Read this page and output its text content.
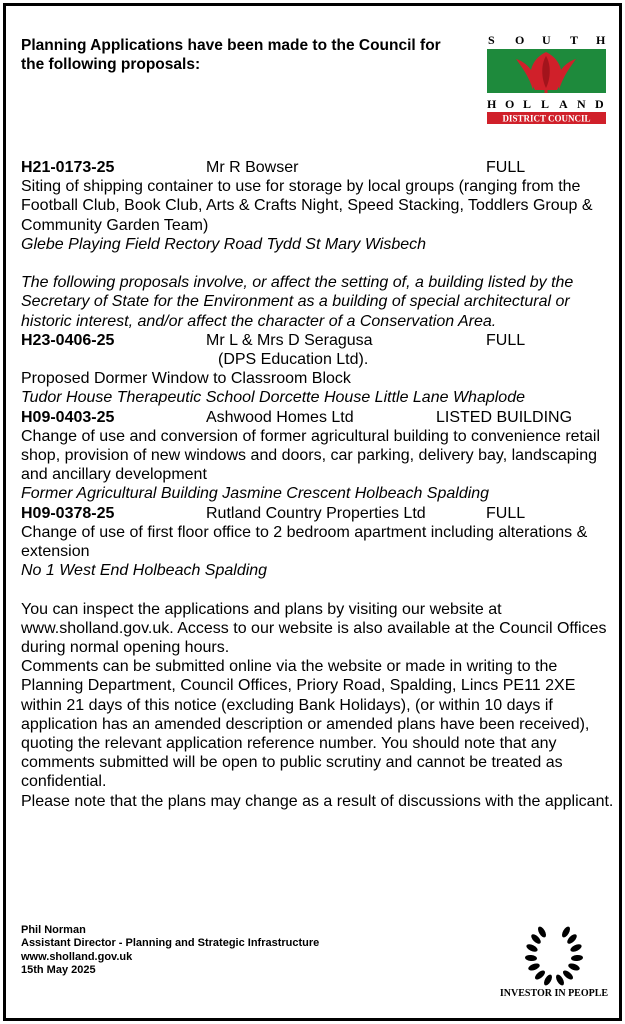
Planning Applications have been made to the Council for the following proposals:
S O U T H
H O L L A N D
DISTRICT COUNCIL
H21-0173-25	Mr R Bowser	FULL
Siting of shipping container to use for storage by local groups (ranging from the Football Club, Book Club, Arts & Crafts Night, Speed Stacking, Toddlers Group & Community Garden Team)
Glebe Playing Field Rectory Road Tydd St Mary Wisbech
The following proposals involve, or affect the setting of, a building listed by the Secretary of State for the Environment as a building of special architectural or historic interest, and/or affect the character of a Conservation Area.
H23-0406-25	Mr L & Mrs D Seragusa	FULL
(DPS Education Ltd).
Proposed Dormer Window to Classroom Block
Tudor House Therapeutic School Dorcette House Little Lane Whaplode
H09-0403-25	Ashwood Homes Ltd	LISTED BUILDING
Change of use and conversion of former agricultural building to convenience retail shop, provision of new windows and doors, car parking, delivery bay, landscaping and ancillary development
Former Agricultural Building Jasmine Crescent Holbeach Spalding
H09-0378-25	Rutland Country Properties Ltd	FULL
Change of use of first floor office to 2 bedroom apartment including alterations & extension
No 1 West End Holbeach Spalding
You can inspect the applications and plans by visiting our website at www.sholland.gov.uk. Access to our website is also available at the Council Offices during normal opening hours.
Comments can be submitted online via the website or made in writing to the Planning Department, Council Offices, Priory Road, Spalding, Lincs PE11 2XE within 21 days of this notice (excluding Bank Holidays), (or within 10 days if application has an amended description or amended plans have been received), quoting the relevant application reference number. You should note that any comments submitted will be open to public scrutiny and cannot be treated as confidential.
Please note that the plans may change as a result of discussions with the applicant.
Phil Norman
Assistant Director - Planning and Strategic Infrastructure
www.sholland.gov.uk
15th May 2025
INVESTOR IN PEOPLE
